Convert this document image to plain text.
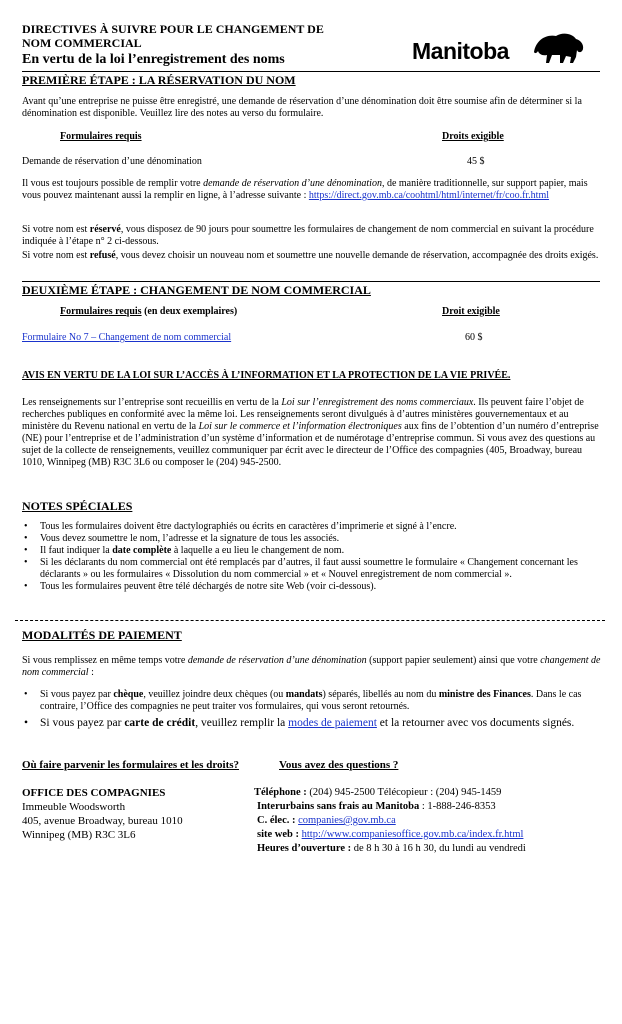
DIRECTIVES À SUIVRE POUR LE CHANGEMENT DE
NOM COMMERCIAL
En vertu de la loi l’enregistrement des noms	Manitoba
PREMIÈRE ÉTAPE : LA RÉSERVATION DU NOM

Avant qu’une entreprise ne puisse être enregistré, une demande de réservation d’une dénomination doit être soumise afin de déterminer si la dénomination est disponible. Veuillez lire des notes au verso du formulaire.

Formulaires requis	Droits exigible
Demande de réservation d’une dénomination	45 $

Il vous est toujours possible de remplir votre demande de réservation d’une dénomination, de manière traditionnelle, sur support papier, mais vous pouvez maintenant aussi la remplir en ligne, à l’adresse suivante : https://direct.gov.mb.ca/coohtml/html/internet/fr/coo.fr.html

Si votre nom est réservé, vous disposez de 90 jours pour soumettre les formulaires de changement de nom commercial en suivant la procédure indiquée à l’étape n° 2 ci-dessous.

Si votre nom est refusé, vous devez choisir un nouveau nom et soumettre une nouvelle demande de réservation, accompagnée des droits exigés.

DEUXIÈME ÉTAPE : CHANGEMENT DE NOM COMMERCIAL
Formulaires requis (en deux exemplaires)	Droit exigible
Formulaire No 7 – Changement de nom commercial	60 $
AVIS EN VERTU DE LA LOI SUR L’ACCÈS À L’INFORMATION ET LA PROTECTION DE LA VIE PRIVÉE.

Les renseignements sur l’entreprise sont recueillis en vertu de la Loi sur l’enregistrement des noms commerciaux. Ils peuvent faire l’objet de recherches publiques en conformité avec la même loi. Les renseignements seront divulgués à d’autres ministères gouvernementaux et au ministère du Revenu national en vertu de la Loi sur le commerce et l’information électroniques aux fins de l’obtention d’un numéro d’entreprise (NE) pour l’entreprise et de l’administration d’un système d’information et de numérotage d’entreprise commun. Si vous avez des questions au sujet de la collecte de renseignements, veuillez communiquer par écrit avec le directeur de l’Office des compagnies (405, Broadway, bureau 1010, Winnipeg (MB) R3C 3L6 ou composer le (204) 945-2500.

NOTES SPÉCIALES
• Tous les formulaires doivent être dactylographiés ou écrits en caractères d’imprimerie et signé à l’encre.
• Vous devez soumettre le nom, l’adresse et la signature de tous les associés.
• Il faut indiquer la date complète à laquelle a eu lieu le changement de nom.
• Si les déclarants du nom commercial ont été remplacés par d’autres, il faut aussi soumettre le formulaire « Changement concernant les déclarants » ou les formulaires « Dissolution du nom commercial » et « Nouvel enregistrement de nom commercial ».
• Tous les formulaires peuvent être télé déchargés de notre site Web (voir ci-dessous).
MODALITÉS DE PAIEMENT

Si vous remplissez en même temps votre demande de réservation d’une dénomination (support papier seulement) ainsi que votre changement de nom commercial :

• Si vous payez par chèque, veuillez joindre deux chèques (ou mandats) séparés, libellés au nom du ministre des Finances. Dans le cas contraire, l’Office des compagnies ne peut traiter vos formulaires, qui vous seront retournés.
• Si vous payez par carte de crédit, veuillez remplir la modes de paiement et la retourner avec vos documents signés.
Où faire parvenir les formulaires et les droits?	Vous avez des questions ?
OFFICE DES COMPAGNIES
Immeuble Woodsworth
405, avenue Broadway, bureau 1010
Winnipeg (MB) R3C 3L6
Téléphone : (204) 945-2500 Télécopieur : (204) 945-1459
Interurbains sans frais au Manitoba : 1-888-246-8353
C. élec. : companies@gov.mb.ca
site web : http://www.companiesoffice.gov.mb.ca/index.fr.html
Heures d’ouverture : de 8 h 30 à 16 h 30, du lundi au vendredi
